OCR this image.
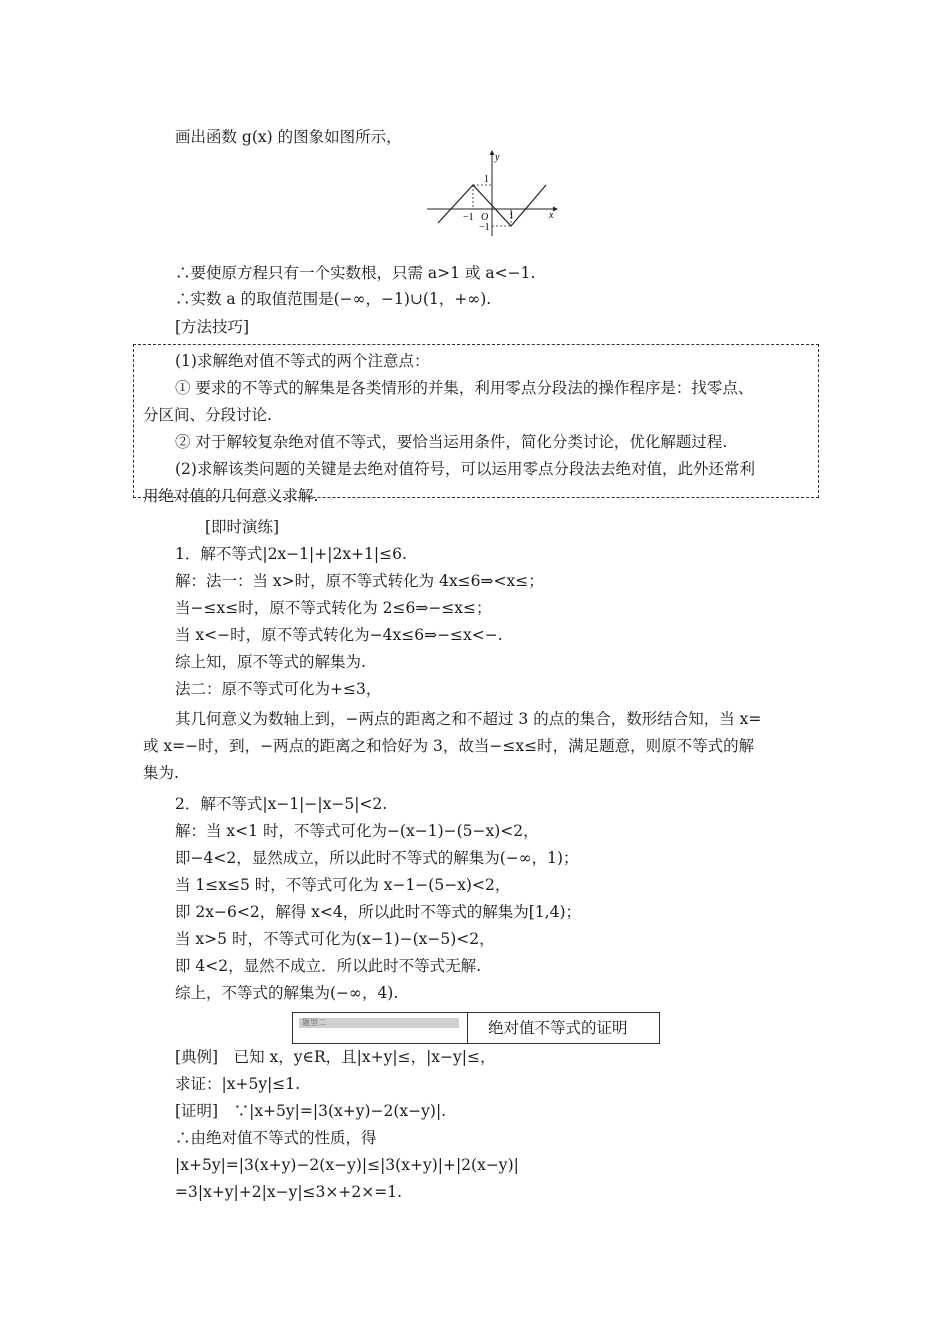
画出函数 g(x) 的图象如图所示，
y
x
O
1
−1	1
−1
∴要使原方程只有一个实数根，只需 a>1 或 a<−1.
∴实数 a 的取值范围是(−∞，−1)∪(1，+∞).
[方法技巧]
(1)求解绝对值不等式的两个注意点：
① 要求的不等式的解集是各类情形的并集，利用零点分段法的操作程序是：找零点、
分区间、分段讨论.
② 对于解较复杂绝对值不等式，要恰当运用条件，简化分类讨论，优化解题过程.
(2)求解该类问题的关键是去绝对值符号，可以运用零点分段法去绝对值，此外还常利
用绝对值的几何意义求解.
[即时演练]
1．解不等式|2x−1|+|2x+1|≤6.
解：法一：当 x>时，原不等式转化为 4x≤6⇒<x≤；
当−≤x≤时，原不等式转化为 2≤6⇒−≤x≤；
当 x<−时，原不等式转化为−4x≤6⇒−≤x<−.
综上知，原不等式的解集为.
法二：原不等式可化为+≤3，
其几何意义为数轴上到，−两点的距离之和不超过 3 的点的集合，数形结合知，当 x=
或 x=−时，到，−两点的距离之和恰好为 3，故当−≤x≤时，满足题意，则原不等式的解
集为.
2．解不等式|x−1|−|x−5|<2.
解：当 x<1 时，不等式可化为−(x−1)−(5−x)<2，
即−4<2，显然成立，所以此时不等式的解集为(−∞，1)；
当 1≤x≤5 时，不等式可化为 x−1−(5−x)<2，
即 2x−6<2，解得 x<4，所以此时不等式的解集为[1,4)；
当 x>5 时，不等式可化为(x−1)−(x−5)<2，
即 4<2，显然不成立．所以此时不等式无解.
综上，不等式的解集为(−∞，4).
题型二	绝对值不等式的证明
[典例]　已知 x，y∈R，且|x+y|≤，|x−y|≤，
求证：|x+5y|≤1.
[证明]　∵|x+5y|=|3(x+y)−2(x−y)|.
∴由绝对值不等式的性质，得
|x+5y|=|3(x+y)−2(x−y)|≤|3(x+y)|+|2(x−y)|
=3|x+y|+2|x−y|≤3×+2×=1.
